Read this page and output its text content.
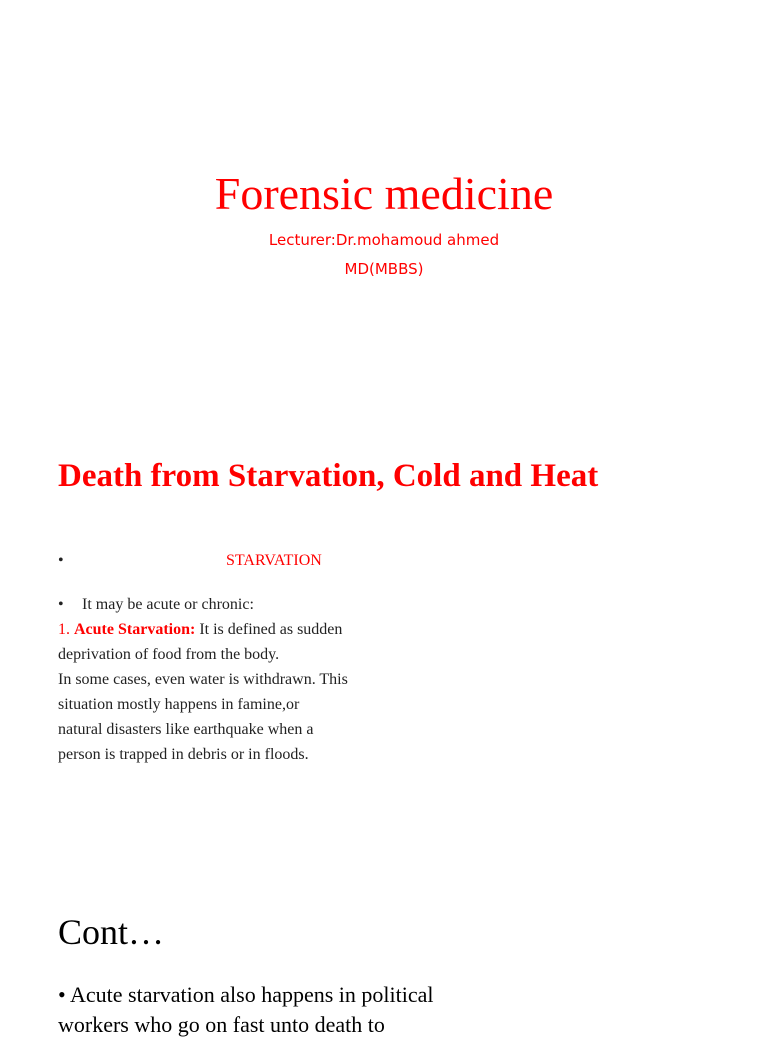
Forensic medicine
Lecturer:Dr.mohamoud ahmed
MD(MBBS)
Death from Starvation, Cold and Heat
•	STARVATION
• It may be acute or chronic:
1. Acute Starvation: It is defined as sudden
deprivation of food from the body.
In some cases, even water is withdrawn. This
situation mostly happens in famine,or
natural disasters like earthquake when a
person is trapped in debris or in floods.
Cont…
• Acute starvation also happens in political
workers who go on fast unto death to
